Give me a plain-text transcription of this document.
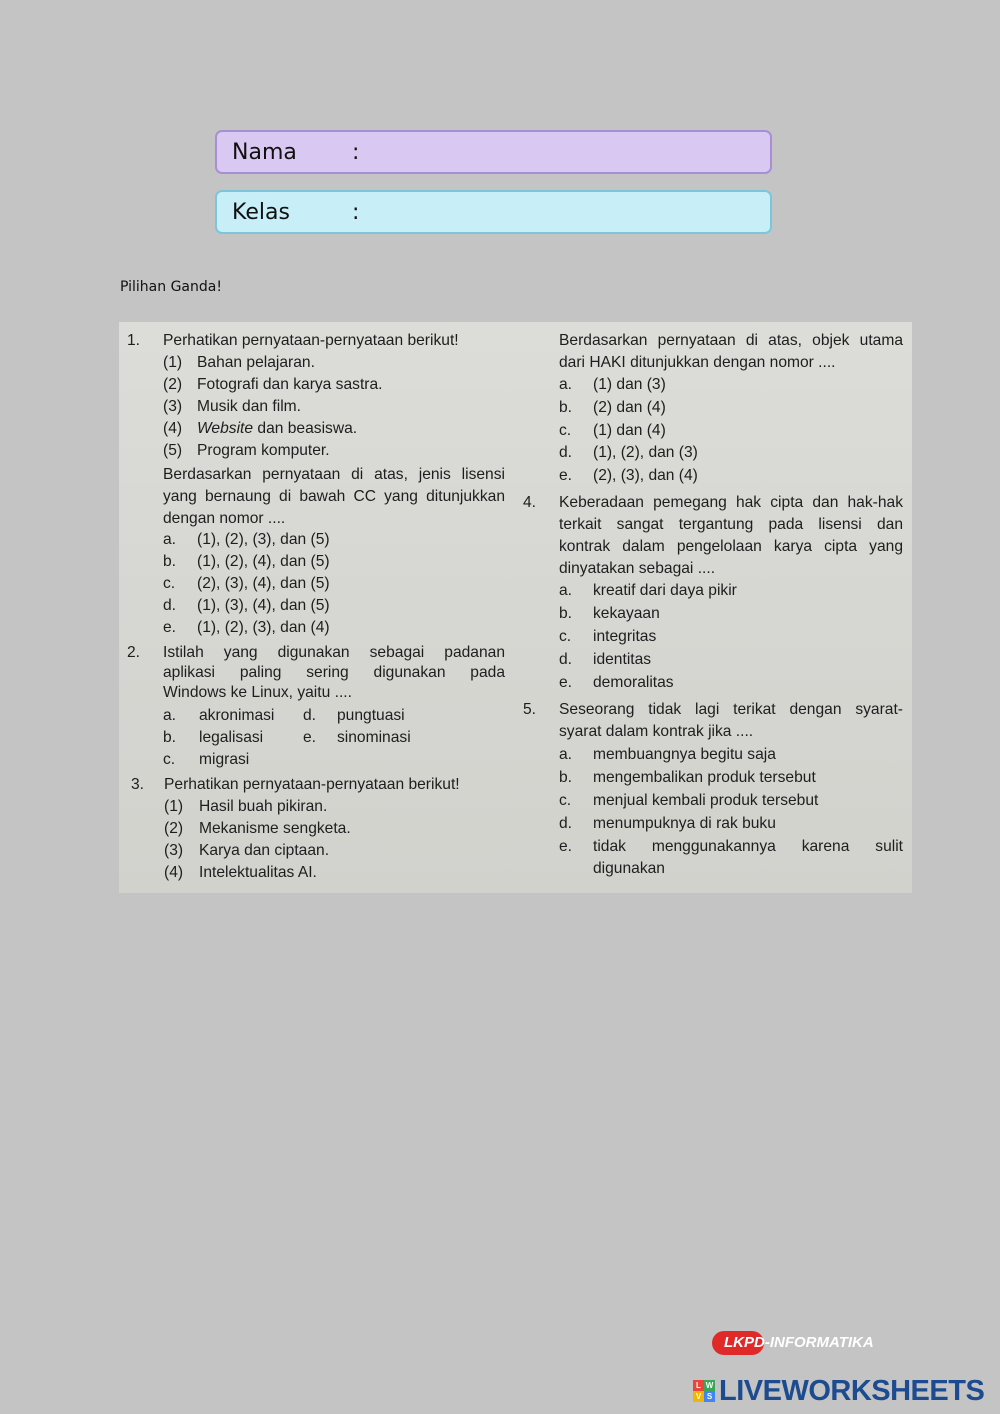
Nama	:
Kelas	:
Pilihan Ganda!
1. Perhatikan pernyataan-pernyataan berikut!
(1) Bahan pelajaran.
(2) Fotografi dan karya sastra.
(3) Musik dan film.
(4) Website dan beasiswa.
(5) Program komputer.
Berdasarkan pernyataan di atas, jenis lisensi
yang bernaung di bawah CC yang ditunjukkan
dengan nomor ....
a. (1), (2), (3), dan (5)
b. (1), (2), (4), dan (5)
c. (2), (3), (4), dan (5)
d. (1), (3), (4), dan (5)
e. (1), (2), (3), dan (4)
2. Istilah yang digunakan sebagai padanan
aplikasi paling sering digunakan pada
Windows ke Linux, yaitu ....
a. akronimasi d. pungtuasi
b. legalisasi	e. sinominasi
c. migrasi
3. Perhatikan pernyataan-pernyataan berikut!
(1) Hasil buah pikiran.
(2) Mekanisme sengketa.
(3) Karya dan ciptaan.
(4) Intelektualitas AI.
Berdasarkan pernyataan di atas, objek utama
dari HAKI ditunjukkan dengan nomor ....
a. (1) dan (3)
b. (2) dan (4)
c. (1) dan (4)
d. (1), (2), dan (3)
e. (2), (3), dan (4)
4. Keberadaan pemegang hak cipta dan hak-hak
terkait sangat tergantung pada lisensi dan
kontrak dalam pengelolaan karya cipta yang
dinyatakan sebagai ....
a. kreatif dari daya pikir
b. kekayaan
c. integritas
d. identitas
e. demoralitas
5. Seseorang tidak lagi terikat dengan syarat-
syarat dalam kontrak jika ....
a. membuangnya begitu saja
b. mengembalikan produk tersebut
c. menjual kembali produk tersebut
d. menumpuknya di rak buku
e. tidak menggunakannya karena sulit
digunakan
LKPD-INFORMATIKA
L W
V S LIVEWORKSHEETS
